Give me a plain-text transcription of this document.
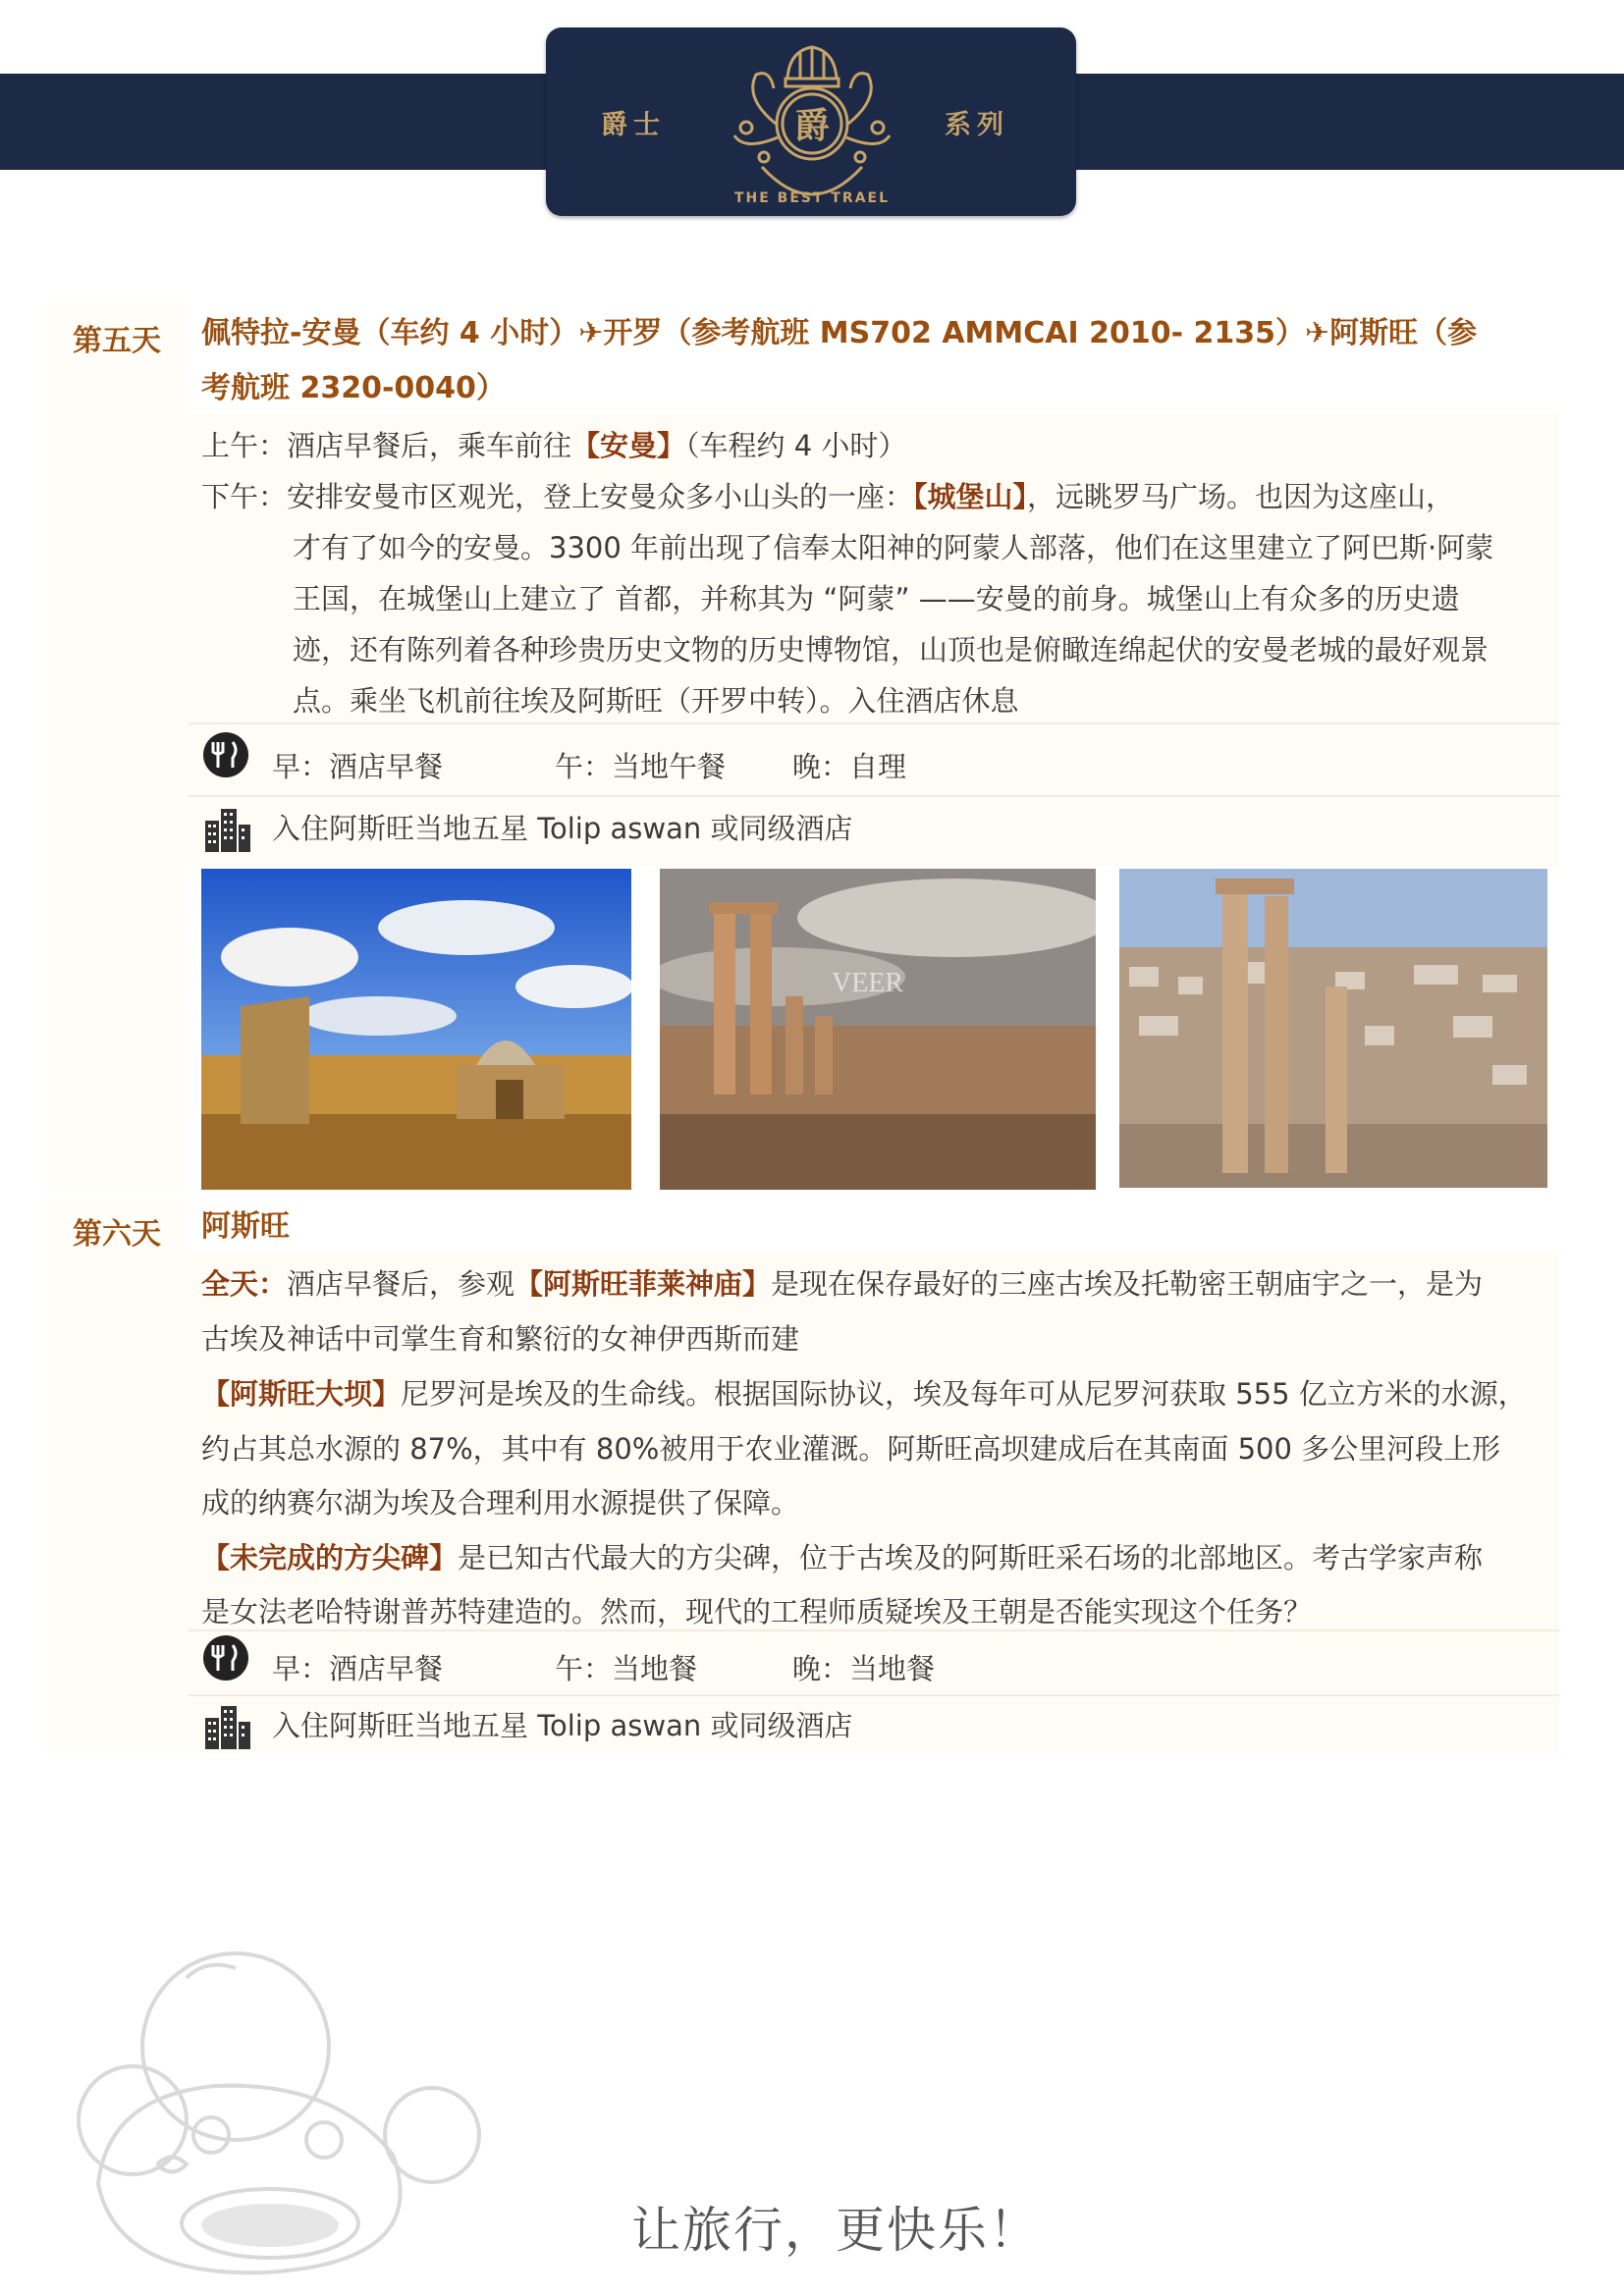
爵士	系列
爵
THE BEST TRAEL
第五天 佩特拉-安曼（车约 4 小时）✈开罗（参考航班 MS702 AMMCAI 2010- 2135）✈阿斯旺（参
考航班 2320-0040）
上午：酒店早餐后，乘车前往【安曼】（车程约 4 小时）
下午：安排安曼市区观光，登上安曼众多小山头的一座：【城堡山】，远眺罗马广场。也因为这座山，
才有了如今的安曼。3300 年前出现了信奉太阳神的阿蒙人部落，他们在这里建立了阿巴斯·阿蒙
王国，在城堡山上建立了 首都，并称其为 “阿蒙” ——安曼的前身。城堡山上有众多的历史遗
迹，还有陈列着各种珍贵历史文物的历史博物馆，山顶也是俯瞰连绵起伏的安曼老城的最好观景
点。乘坐飞机前往埃及阿斯旺（开罗中转）。入住酒店休息
早：酒店早餐	午：当地午餐 晚：自理
入住阿斯旺当地五星 Tolip aswan 或同级酒店
VEER
第六天 阿斯旺
全天：酒店早餐后，参观【阿斯旺菲莱神庙】是现在保存最好的三座古埃及托勒密王朝庙宇之一，是为
古埃及神话中司掌生育和繁衍的女神伊西斯而建
【阿斯旺大坝】尼罗河是埃及的生命线。根据国际协议，埃及每年可从尼罗河获取 555 亿立方米的水源，
约占其总水源的 87%，其中有 80%被用于农业灌溉。阿斯旺高坝建成后在其南面 500 多公里河段上形
成的纳赛尔湖为埃及合理利用水源提供了保障。
【未完成的方尖碑】是已知古代最大的方尖碑，位于古埃及的阿斯旺采石场的北部地区。考古学家声称
是女法老哈特谢普苏特建造的。然而，现代的工程师质疑埃及王朝是否能实现这个任务？
早：酒店早餐	午：当地餐	晚：当地餐
入住阿斯旺当地五星 Tolip aswan 或同级酒店
让旅行，更快乐！
